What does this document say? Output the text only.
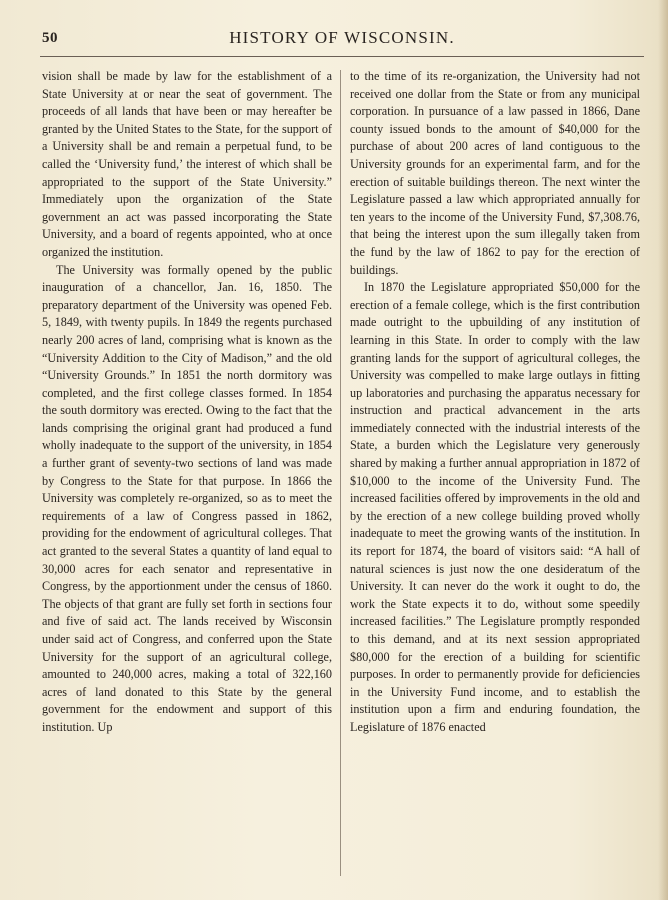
50	HISTORY OF WISCONSIN.

vision shall be made by law for the establishment of a State University at or near the seat of government. The proceeds of all lands that have been or may hereafter be granted by the United States to the State, for the support of a University shall be and remain a perpetual fund, to be called the ‘University fund,’ the interest of which shall be appropriated to the support of the State University.” Immediately upon the organization of the State government an act was passed incorporating the State University, and a board of regents appointed, who at once organized the institution.

The University was formally opened by the public inauguration of a chancellor, Jan. 16, 1850. The preparatory department of the University was opened Feb. 5, 1849, with twenty pupils. In 1849 the regents purchased nearly 200 acres of land, comprising what is known as the “University Addition to the City of Madison,” and the old “University Grounds.” In 1851 the north dormitory was completed, and the first college classes formed. In 1854 the south dormitory was erected. Owing to the fact that the lands comprising the original grant had produced a fund wholly inadequate to the support of the university, in 1854 a further grant of seventy-two sections of land was made by Congress to the State for that purpose. In 1866 the University was completely re-organized, so as to meet the requirements of a law of Congress passed in 1862, providing for the endowment of agricultural colleges. That act granted to the several States a quantity of land equal to 30,000 acres for each senator and representative in Congress, by the apportionment under the census of 1860. The objects of that grant are fully set forth in sections four and five of said act. The lands received by Wisconsin under said act of Congress, and conferred upon the State University for the support of an agricultural college, amounted to 240,000 acres, making a total of 322,160 acres of land donated to this State by the general government for the endowment and support of this institution. Up

to the time of its re-organization, the University had not received one dollar from the State or from any municipal corporation. In pursuance of a law passed in 1866, Dane county issued bonds to the amount of $40,000 for the purchase of about 200 acres of land contiguous to the University grounds for an experimental farm, and for the erection of suitable buildings thereon. The next winter the Legislature passed a law which appropriated annually for ten years to the income of the University Fund, $7,308.76, that being the interest upon the sum illegally taken from the fund by the law of 1862 to pay for the erection of buildings.

In 1870 the Legislature appropriated $50,000 for the erection of a female college, which is the first contribution made outright to the upbuilding of any institution of learning in this State. In order to comply with the law granting lands for the support of agricultural colleges, the University was compelled to make large outlays in fitting up laboratories and purchasing the apparatus necessary for instruction and practical advancement in the arts immediately connected with the industrial interests of the State, a burden which the Legislature very generously shared by making a further annual appropriation in 1872 of $10,000 to the income of the University Fund. The increased facilities offered by improvements in the old and by the erection of a new college building proved wholly inadequate to meet the growing wants of the institution. In its report for 1874, the board of visitors said: “A hall of natural sciences is just now the one desideratum of the University. It can never do the work it ought to do, the work the State expects it to do, without some speedily increased facilities.” The Legislature promptly responded to this demand, and at its next session appropriated $80,000 for the erection of a building for scientific purposes. In order to permanently provide for deficiencies in the University Fund income, and to establish the institution upon a firm and enduring foundation, the Legislature of 1876 enacted
